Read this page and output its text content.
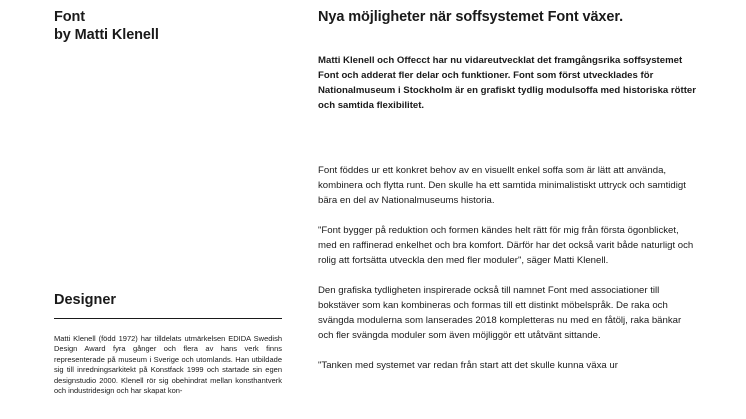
Font
by Matti Klenell
Designer

Matti Klenell (född 1972) har tilldelats utmärkelsen EDIDA Swedish Design Award fyra gånger och flera av hans verk finns representerade på museum i Sverige och utomlands. Han utbildade sig till inredningsarkitekt på Konstfack 1999 och startade sin egen designstudio 2000. Klenell rör sig obehindrat mellan konsthantverk och industridesign och har skapat kon-

Nya möjligheter när soffsystemet Font växer.

Matti Klenell och Offecct har nu vidareutvecklat det framgångsrika soffsystemet Font och adderat fler delar och funktioner. Font som först utvecklades för Nationalmuseum i Stockholm är en grafiskt tydlig modulsoffa med historiska rötter och samtida flexibilitet.

Font föddes ur ett konkret behov av en visuellt enkel soffa som är lätt att använda, kombinera och flytta runt. Den skulle ha ett samtida minimalistiskt uttryck och samtidigt bära en del av Nationalmuseums historia.

"Font bygger på reduktion och formen kändes helt rätt för mig från första ögonblicket, med en raffinerad enkelhet och bra komfort. Därför har det också varit både naturligt och rolig att fortsätta utveckla den med fler moduler", säger Matti Klenell.

Den grafiska tydligheten inspirerade också till namnet Font med associationer till bokstäver som kan kombineras och formas till ett distinkt möbelspråk. De raka och svängda modulerna som lanserades 2018 kompletteras nu med en fåtölj, raka bänkar och fler svängda moduler som även möjliggör ett utåtvänt sittande.

"Tanken med systemet var redan från start att det skulle kunna växa ur
